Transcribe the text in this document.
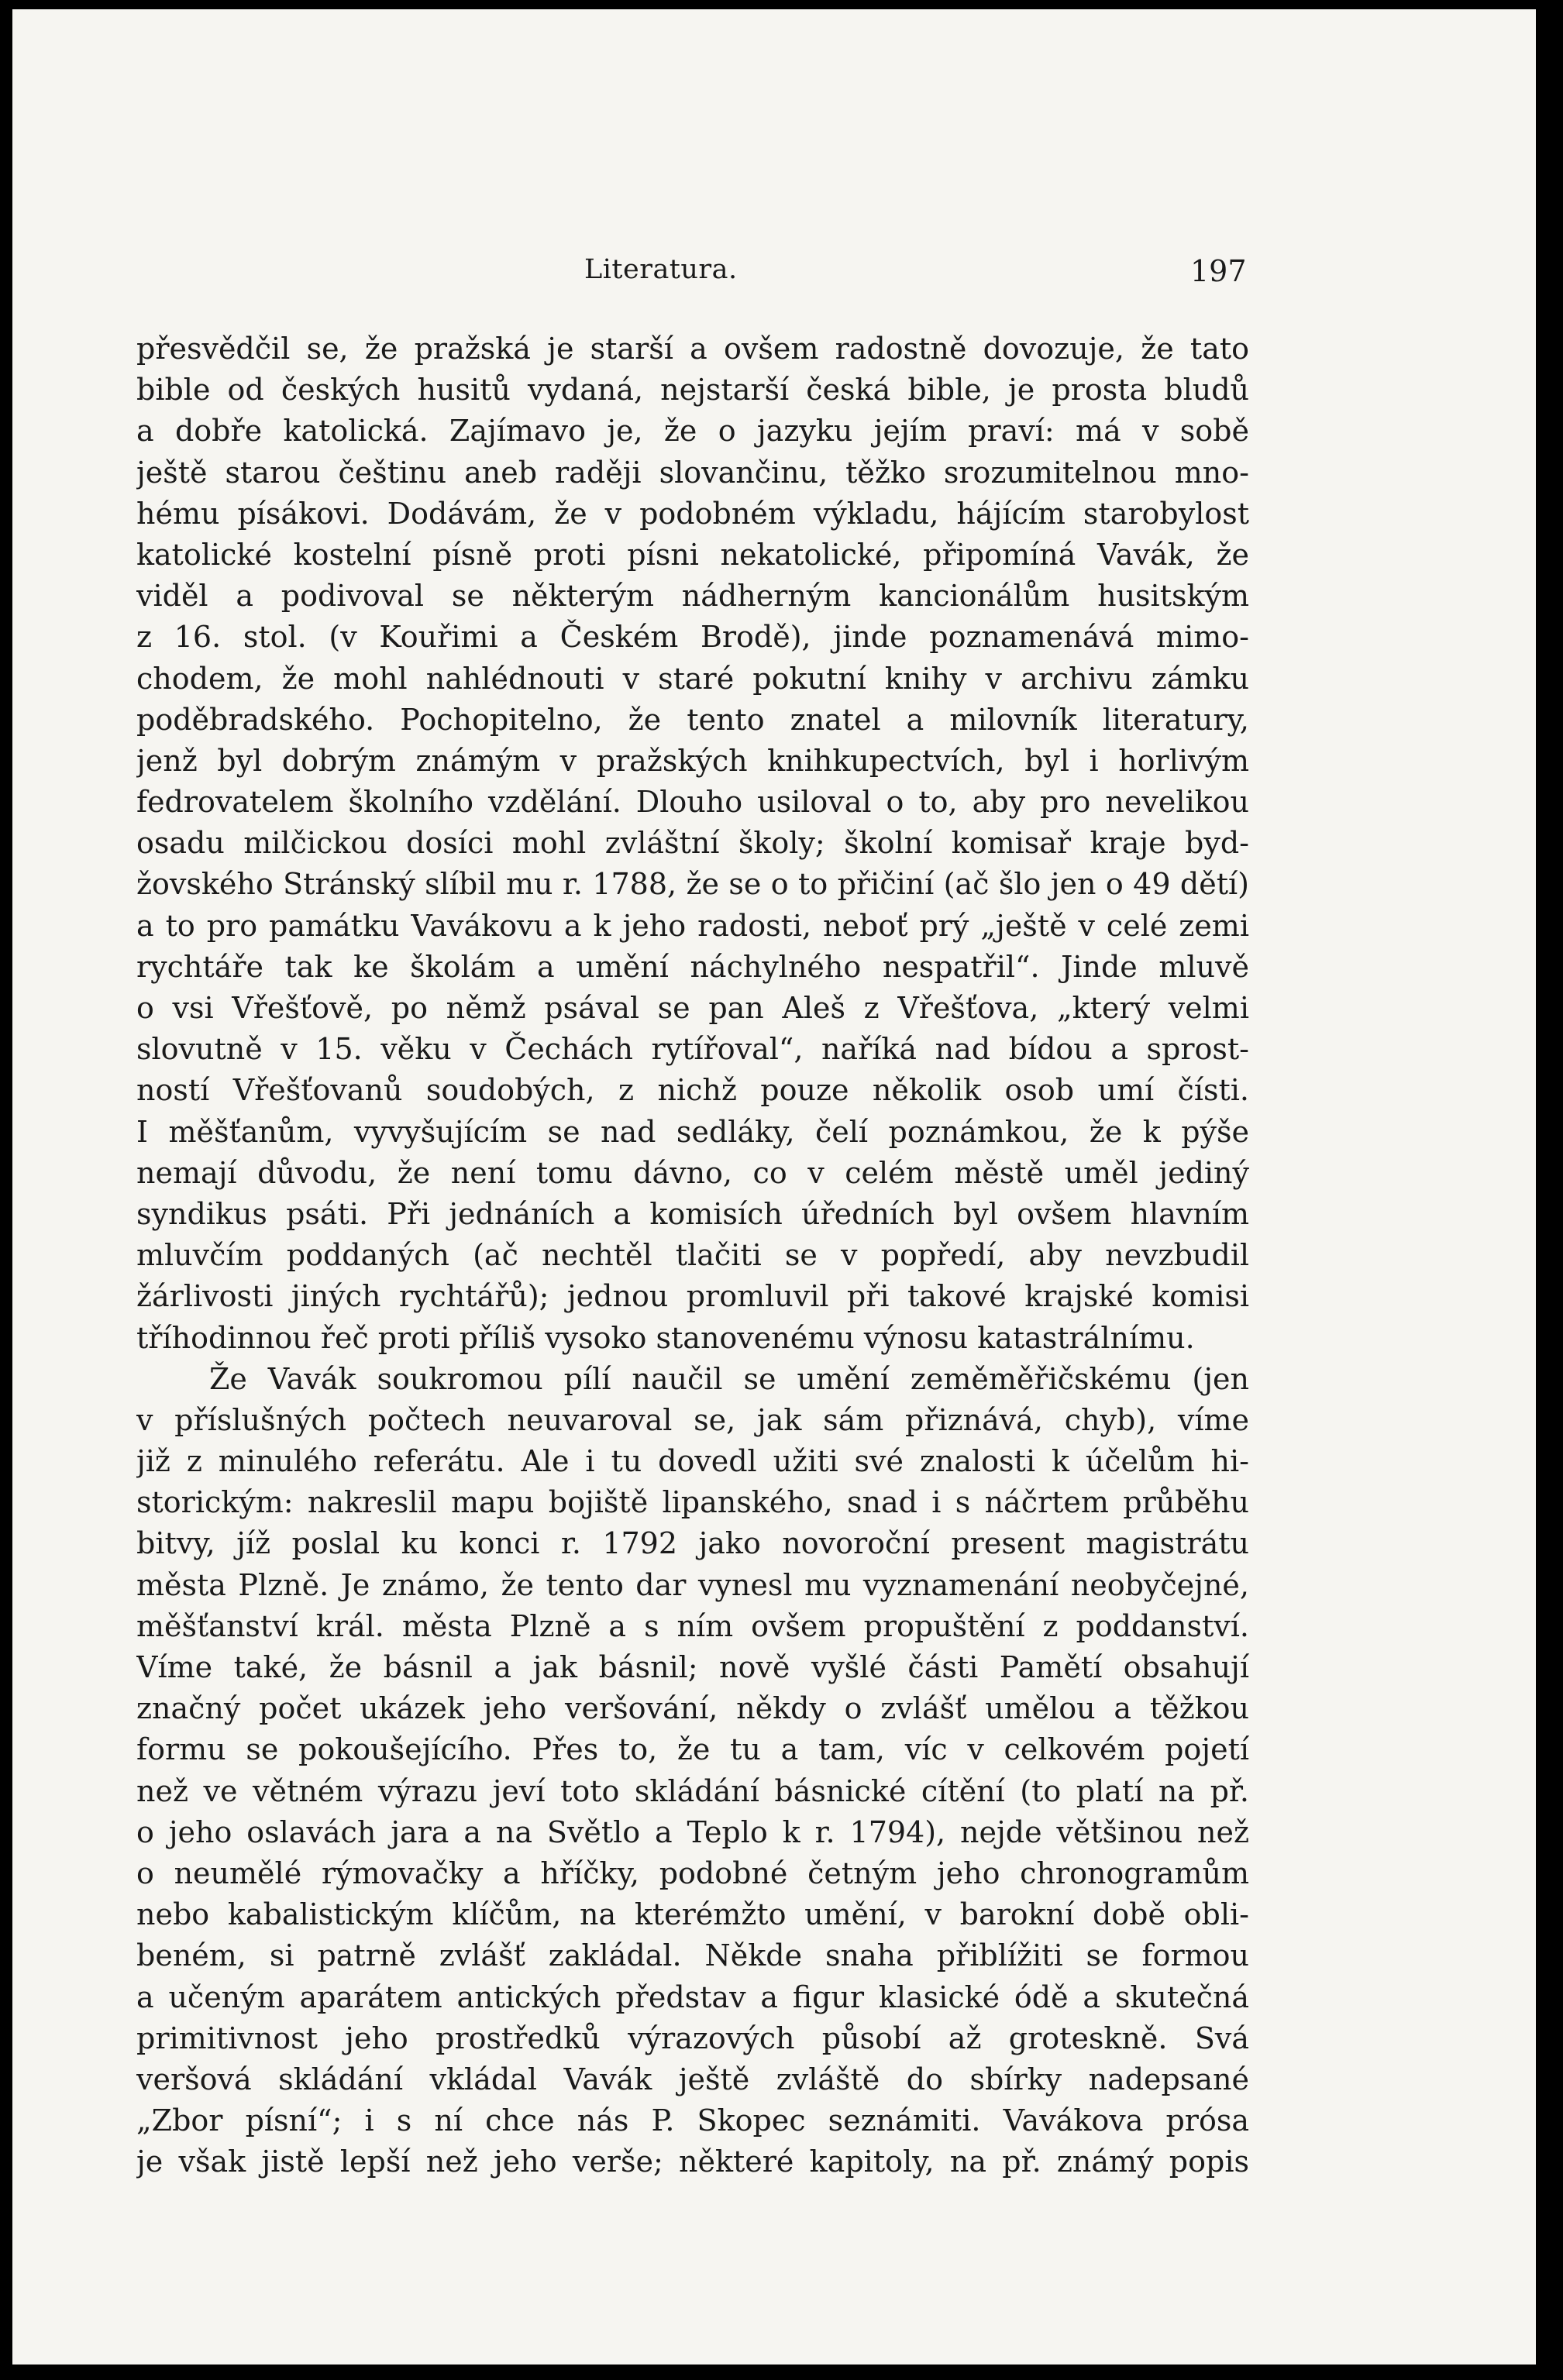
Literatura.	197
přesvědčil se, že pražská je starší a ovšem radostně dovozuje, že tato
bible od českých husitů vydaná, nejstarší česká bible, je prosta bludů
a dobře katolická. Zajímavo je, že o jazyku jejím praví: má v sobě
ještě starou češtinu aneb raději slovančinu, těžko srozumitelnou mno-
hému písákovi. Dodávám, že v podobném výkladu, hájícím starobylost
katolické kostelní písně proti písni nekatolické, připomíná Vavák, že
viděl a podivoval se některým nádherným kancionálům husitským
z 16. stol. (v Kouřimi a Českém Brodě), jinde poznamenává mimo-
chodem, že mohl nahlédnouti v staré pokutní knihy v archivu zámku
poděbradského. Pochopitelno, že tento znatel a milovník literatury,
jenž byl dobrým známým v pražských knihkupectvích, byl i horlivým
fedrovatelem školního vzdělání. Dlouho usiloval o to, aby pro nevelikou
osadu milčickou dosíci mohl zvláštní školy; školní komisař kraje byd-
žovského Stránský slíbil mu r. 1788, že se o to přičiní (ač šlo jen o 49 dětí)
a to pro památku Vavákovu a k jeho radosti, neboť prý „ještě v celé zemi
rychtáře tak ke školám a umění náchylného nespatřil“. Jinde mluvě
o vsi Vřešťově, po němž psával se pan Aleš z Vřešťova, „který velmi
slovutně v 15. věku v Čechách rytířoval“, naříká nad bídou a sprost-
ností Vřešťovanů soudobých, z nichž pouze několik osob umí čísti.
I měšťanům, vyvyšujícím se nad sedláky, čelí poznámkou, že k pýše
nemají důvodu, že není tomu dávno, co v celém městě uměl jediný
syndikus psáti. Při jednáních a komisích úředních byl ovšem hlavním
mluvčím poddaných (ač nechtěl tlačiti se v popředí, aby nevzbudil
žárlivosti jiných rychtářů); jednou promluvil při takové krajské komisi
tříhodinnou řeč proti příliš vysoko stanovenému výnosu katastrálnímu.
Že Vavák soukromou pílí naučil se umění zeměměřičskému (jen
v příslušných počtech neuvaroval se, jak sám přiznává, chyb), víme
již z minulého referátu. Ale i tu dovedl užiti své znalosti k účelům hi-
storickým: nakreslil mapu bojiště lipanského, snad i s náčrtem průběhu
bitvy, jíž poslal ku konci r. 1792 jako novoroční present magistrátu
města Plzně. Je známo, že tento dar vynesl mu vyznamenání neobyčejné,
měšťanství král. města Plzně a s ním ovšem propuštění z poddanství.
Víme také, že básnil a jak básnil; nově vyšlé části Pamětí obsahují
značný počet ukázek jeho veršování, někdy o zvlášť umělou a těžkou
formu se pokoušejícího. Přes to, že tu a tam, víc v celkovém pojetí
než ve větném výrazu jeví toto skládání básnické cítění (to platí na př.
o jeho oslavách jara a na Světlo a Teplo k r. 1794), nejde většinou než
o neumělé rýmovačky a hříčky, podobné četným jeho chronogramům
nebo kabalistickým klíčům, na kterémžto umění, v barokní době obli-
beném, si patrně zvlášť zakládal. Někde snaha přiblížiti se formou
a učeným aparátem antických představ a figur klasické ódě a skutečná
primitivnost jeho prostředků výrazových působí až groteskně. Svá
veršová skládání vkládal Vavák ještě zvláště do sbírky nadepsané
„Zbor písní“; i s ní chce nás P. Skopec seznámiti. Vavákova prósa
je však jistě lepší než jeho verše; některé kapitoly, na př. známý popis
